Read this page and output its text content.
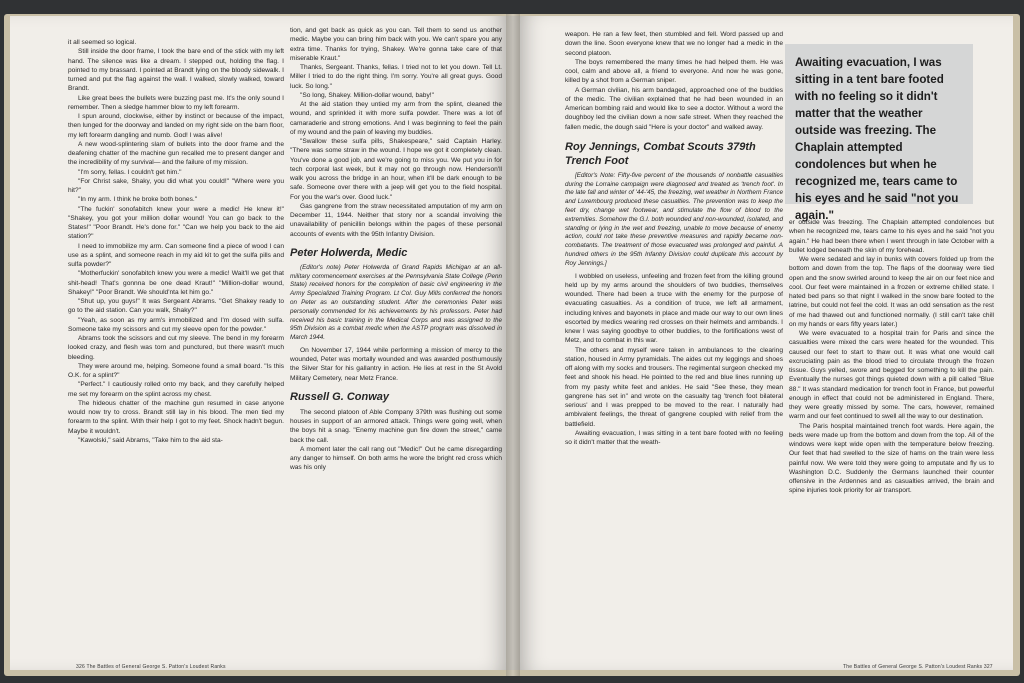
it all seemed so logical.

Still inside the door frame, I took the bare end of the stick with my left hand. The silence was like a dream. I stepped out, holding the flag. I pointed to my brassard. I pointed at Brandt lying on the bloody sidewalk. I turned and put the flag against the wall. I walked, slowly walked, toward Brandt.

Like great bees the bullets were buzzing past me. It's the only sound I remember. Then a sledge hammer blow to my left forearm.

I spun around, clockwise, either by instinct or because of the impact, then lunged for the doorway and landed on my right side on the barn floor, my left forearm dangling and numb. God! I was alive!

A new wood-splintering slam of bullets into the door frame and the deafening chatter of the machine gun recalled me to present danger and the incredibility of my survival— and the failure of my mission.

"I'm sorry, fellas. I couldn't get him."

"For Christ sake, Shaky, you did what you could!" "Where were you hit?"

"In my arm. I think he broke both bones."

"The fuckin' sonofabitch knew your were a medic! He knew it!" "Shakey, you got your million dollar wound! You can go back to the States!" "Poor Brandt. He's done for." "Can we help you back to the aid station?"

I need to immobilize my arm. Can someone find a piece of wood I can use as a splint, and someone reach in my aid kit to get the sulfa pills and sulfa powder?"

"Motherfuckin' sonofabitch knew you were a medic! Wait'll we get that shit-head! That's gonnna be one dead Kraut!" "Million-dollar wound, Shakey!" "Poor Brandt. We should'nta let him go."

"Shut up, you guys!" It was Sergeant Abrams. "Get Shakey ready to go to the aid station. Can you walk, Shaky?"

"Yeah, as soon as my arm's immobilized and I'm dosed with sulfa. Someone take my scissors and cut my sleeve open for the powder."

Abrams took the scissors and cut my sleeve. The bend in my forearm looked crazy, and flesh was torn and punctured, but there wasn't much bleeding.

They were around me, helping. Someone found a small board. "Is this O.K. for a splint?"

"Perfect." I cautiously rolled onto my back, and they carefully helped me set my forearm on the splint across my chest.

The hideous chatter of the machine gun resumed in case anyone would now try to cross. Brandt still lay in his blood. The men tied my forearm to the splint. With their help I got to my feet. Shock hadn't begun. Maybe it wouldn't.

"Kawolski," said Abrams, "Take him to the aid sta-

tion, and get back as quick as you can. Tell them to send us another medic. Maybe you can bring him back with you. We can't spare you any extra time. Thanks for trying, Shakey. We're gonna take care of that miserable Kraut."

Thanks, Sergeant. Thanks, fellas. I tried not to let you down. Tell Lt. Miller I tried to do the right thing. I'm sorry. You're all great guys. Good luck. So long."

"So long, Shakey. Million-dollar wound, baby!"

At the aid station they untied my arm from the splint, cleaned the wound, and sprinkled it with more sulfa powder. There was a lot of camaraderie and strong emotions. And I was beginning to feel the pain of my wound and the pain of leaving my buddies.

"Swallow these sulfa pills, Shakespeare," said Captain Harley. "There was some straw in the wound. I hope we got it completely clean. You've done a good job, and we're going to miss you. We put you in for tech corporal last week, but it may not go through now. Henderson'll walk you across the bridge in an hour, when it'll be dark enough to be safe. Someone over there with a jeep will get you to the field hospital. For you the war's over. Good luck."

Gas gangrene from the straw necessitated amputation of my arm on December 11, 1944. Neither that story nor a scandal involving the unavailability of penicillin belongs within the pages of these personal accounts of events with the 95th Infantry Division.

Peter Holwerda, Medic

(Editor's note) Peter Holwerda of Grand Rapids Michigan at an all-military commencement exercises at the Pennsylvania State College (Penn State) received honors for the completion of basic civil engineering in the Army Specialized Training Program. Lt Col. Guy Mills conferred the honors on Peter as an outstanding student. After the ceremonies Peter was personally commended for his achievements by his professors. Peter had received his basic training in the Medical Corps and was assigned to the 95th Division as a combat medic when the ASTP program was dissolved in March 1944.

On November 17, 1944 while performing a mission of mercy to the wounded, Peter was mortally wounded and was awarded posthumously the Silver Star for his gallantry in action. He lies at rest in the St Avold Military Cemetery, near Metz France.

Russell G. Conway

The second platoon of Able Company 379th was flushing out some houses in support of an armored attack. Things were going well, when the boys hit a snag. "Enemy machine gun fire down the street," came back the call.

A moment later the call rang out "Medic!" Out he came disregarding any danger to himself. On both arms he wore the bright red cross which was his only

326 The Battles of General George S. Patton's Loudest Ranks

weapon. He ran a few feet, then stumbled and fell. Word passed up and down the line. Soon everyone knew that we no longer had a medic in the second platoon.

The boys remembered the many times he had helped them. He was cool, calm and above all, a friend to everyone. And now he was gone, killed by a shot from a German sniper.

A German civilian, his arm bandaged, approached one of the buddies of the medic. The civilian explained that he had been wounded in an American bombing raid and would like to see a doctor. Without a word the doughboy led the civilian down a now safe street. When they reached the fallen medic, the dough said "Here is your doctor" and walked away.

Roy Jennings, Combat Scouts 379th Trench Foot

[Editor's Note: Fifty-five percent of the thousands of nonbattle casualties during the Lorraine campaign were diagnosed and treated as 'trench foot'. In the late fall and winter of '44-'45, the freezing, wet weather in Northern France and Luxembourg produced these casualties. The prevention was to keep the feet dry, change wet footwear, and stimulate the flow of blood to the extremities. Somehow the G.I. both wounded and non-wounded, isolated, and standing or lying in the wet and freezing, unable to move because of enemy action, could not take these preventive measures and rapidly became non-combatants. The treatment of those evacuated was prolonged and painful. A hundred others in the 95th Infantry Division could duplicate this account by Roy Jennings.]

I wobbled on useless, unfeeling and frozen feet from the killing ground held up by my arms around the shoulders of two buddies, themselves wounded. There had been a truce with the enemy for the purpose of evacuating casualties. As a condition of truce, we left all armament, including knives and bayonets in place and made our way to our own lines escorted by medics wearing red crosses on their helmets and armbands. I knew I was saying goodbye to other buddies, to the fortifications west of Metz, and to combat in this war.

The others and myself were taken in ambulances to the clearing station, housed in Army pyramidals. The aides cut my leggings and shoes off along with my socks and trousers. The regimental surgeon checked my feet and shook his head. He pointed to the red and blue lines running up from my pasty white feet and ankles. He said "See these, they mean gangrene has set in" and wrote on the casualty tag 'trench foot bilateral serious' and I was prepped to be moved to the rear. I naturally had ambivalent feelings, the threat of gangrene coupled with relief from the battlefield.

Awaiting evacuation, I was sitting in a tent bare footed with no feeling so it didn't matter that the weath-

er outside was freezing. The Chaplain attempted condolences but when he recognized me, tears came to his eyes and he said "not you again." He had been there when I went through in late October with a bullet lodged beneath the skin of my forehead.

We were sedated and lay in bunks with covers folded up from the bottom and down from the top. The flaps of the doorway were tied open and the snow swirled around to keep the air on our feet nice and cool. Our feet were maintained in a frozen or extreme chilled state. I hated bed pans so that night I walked in the snow bare footed to the latrine, but could not feel the cold. It was an odd sensation as the rest of me had thawed out and functioned normally. (I still can't take chill on my hands or ears fifty years later.)

We were evacuated to a hospital train for Paris and since the casualties were mixed the cars were heated for the wounded. This caused our feet to start to thaw out. It was what one would call excruciating pain as the blood tried to circulate through the frozen tissue. Guys yelled, swore and begged for something to kill the pain. Eventually the nurses got things quieted down with a pill called "Blue 88." It was standard medication for trench foot in France, but powerful enough in effect that could not be administered in England. There, they were greatly missed by some. The cars, however, remained warm and our feet continued to swell all the way to our destination.

The Paris hospital maintained trench foot wards. Here again, the beds were made up from the bottom and down from the top. All of the windows were kept wide open with the temperature below freezing. Our feet that had swelled to the size of hams on the train were less painful now. We were told they were going to amputate and fly us to Washington D.C. Suddenly the Germans launched their counter offensive in the Ardennes and as casualties arrived, the brain and spine injuries took priority for air transport.

The Battles of General George S. Patton's Loudest Ranks 327
Awaiting evacuation, I was sitting in a tent bare footed with no feeling so it didn't matter that the weather outside was freezing. The Chaplain attempted condolences but when he recognized me, tears came to his eyes and he said "not you again."
